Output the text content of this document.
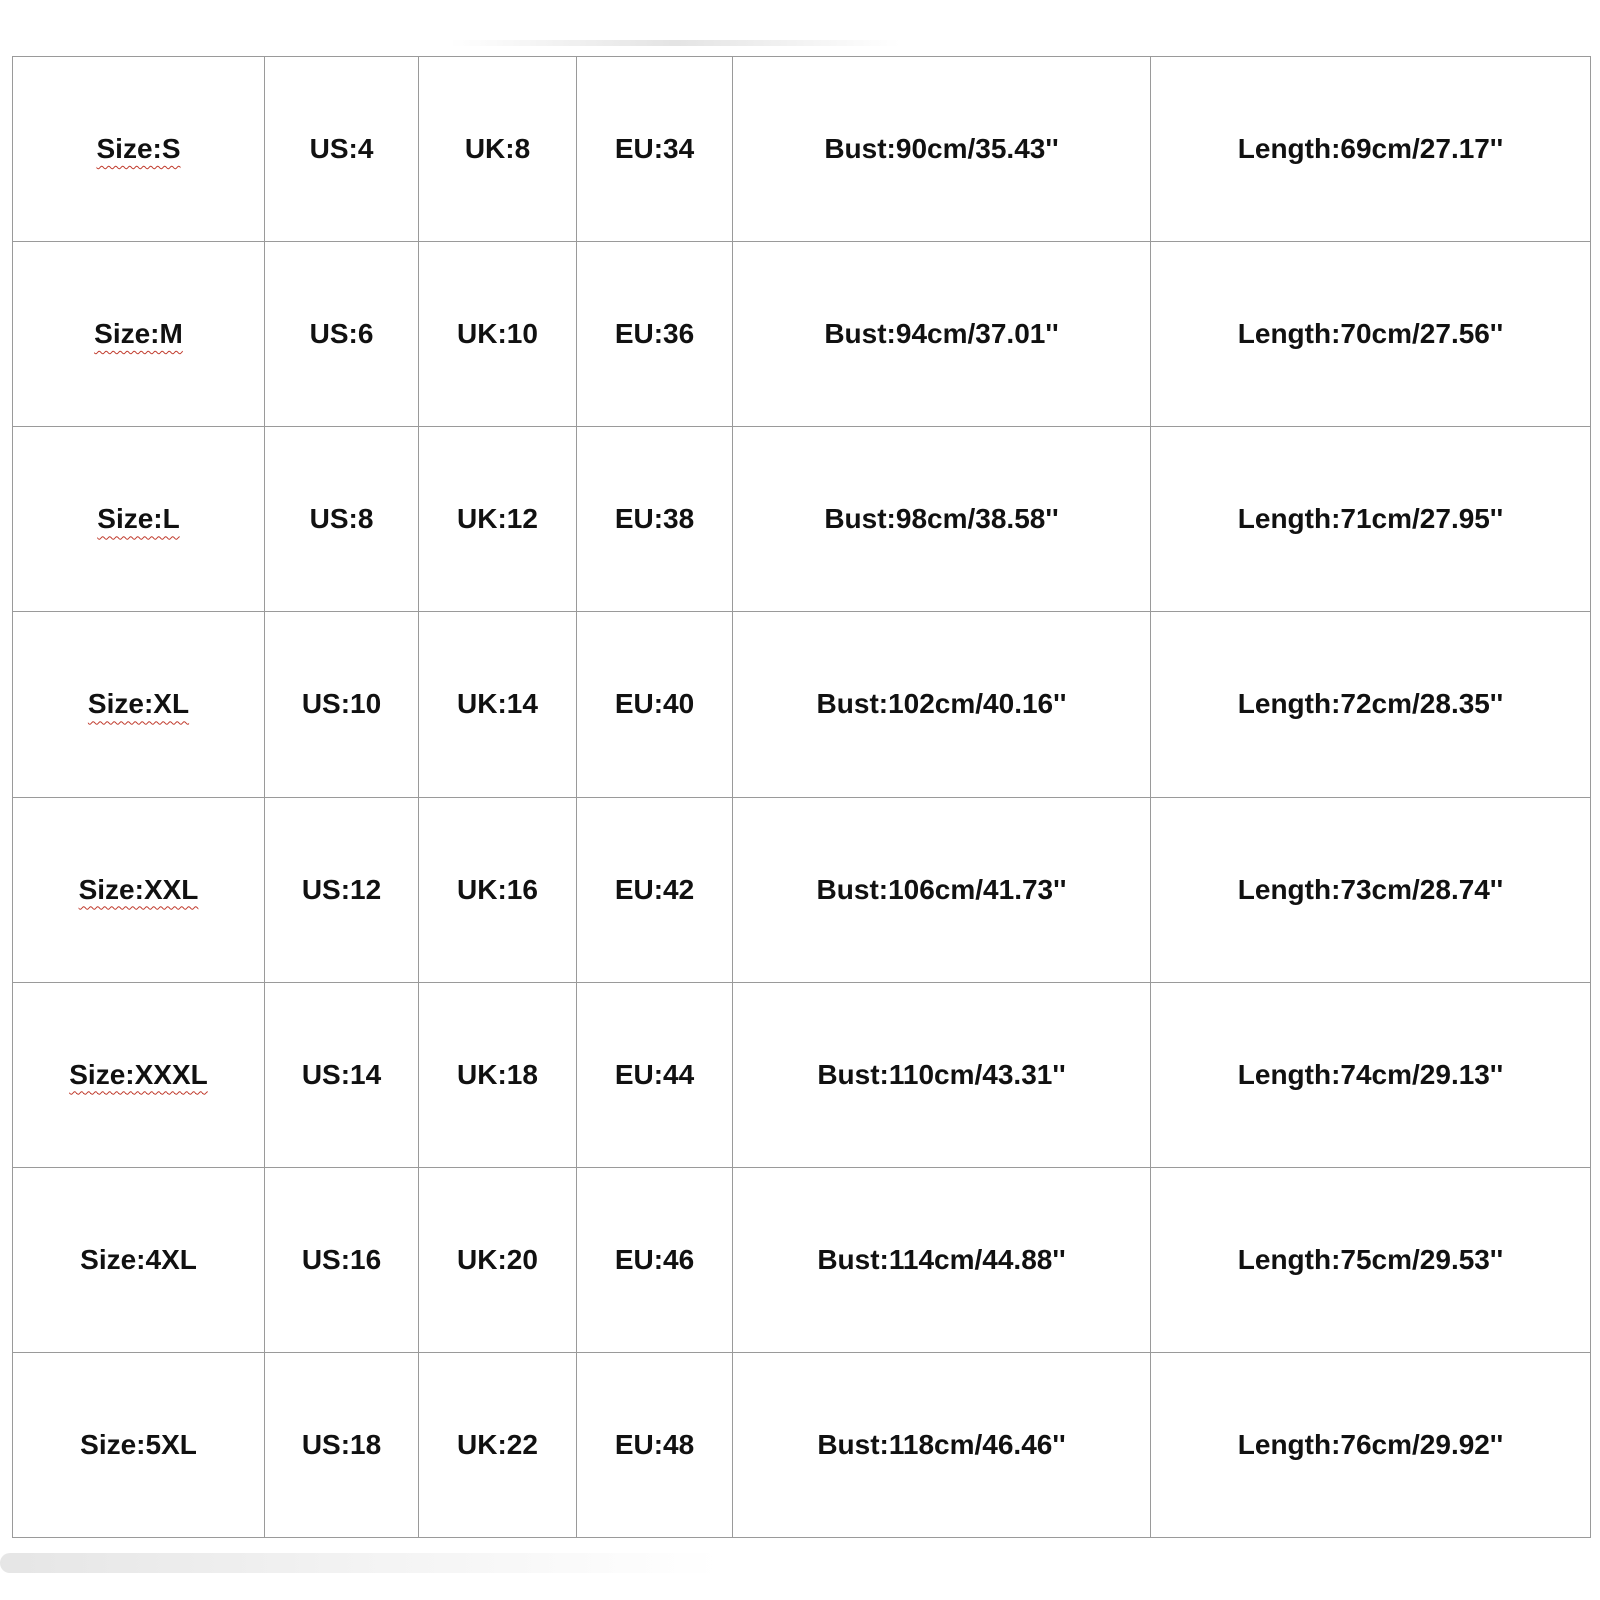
Size:S	US:4	UK:8	EU:34	Bust:90cm/35.43''	Length:69cm/27.17''
Size:M	US:6	UK:10	EU:36	Bust:94cm/37.01''	Length:70cm/27.56''
Size:L	US:8	UK:12	EU:38	Bust:98cm/38.58''	Length:71cm/27.95''
Size:XL	US:10	UK:14	EU:40	Bust:102cm/40.16''	Length:72cm/28.35''
Size:XXL	US:12	UK:16	EU:42	Bust:106cm/41.73''	Length:73cm/28.74''
Size:XXXL	US:14	UK:18	EU:44	Bust:110cm/43.31''	Length:74cm/29.13''
Size:4XL	US:16	UK:20	EU:46	Bust:114cm/44.88''	Length:75cm/29.53''
Size:5XL	US:18	UK:22	EU:48	Bust:118cm/46.46''	Length:76cm/29.92''
